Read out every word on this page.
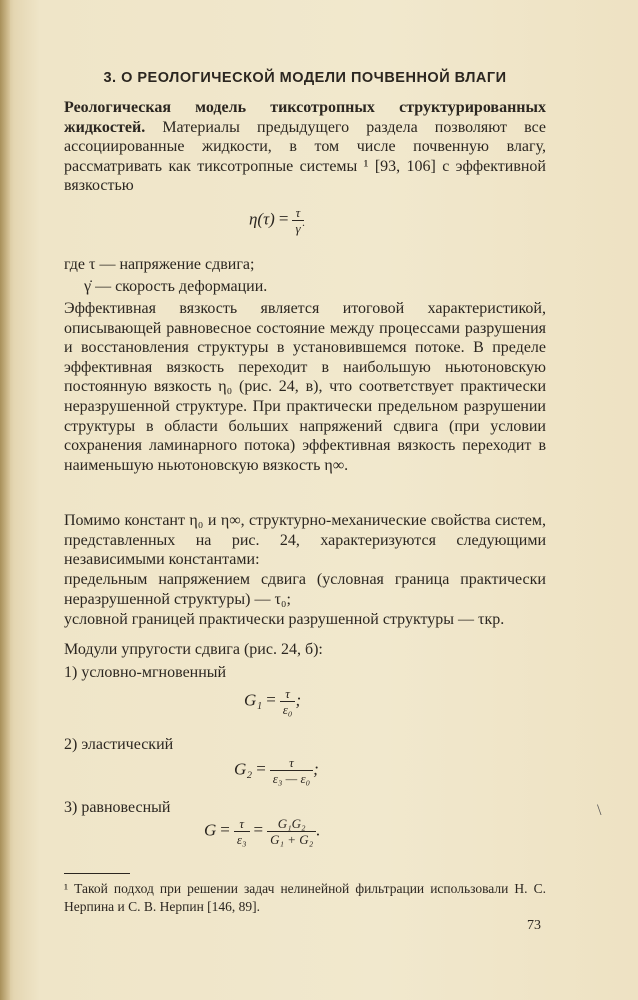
3. О РЕОЛОГИЧЕСКОЙ МОДЕЛИ ПОЧВЕННОЙ ВЛАГИ

Реологическая модель тиксотропных структурированных жидкостей. Материалы предыдущего раздела позволяют все ассоциированные жидкости, в том числе почвенную влагу, рассматривать как тиксотропные системы ¹ [93, 106] с эффективной вязкостью

$\eta(\tau) = \frac{\tau}{\gammȧ}$

где τ — напряжение сдвига;

γ̇ — скорость деформации.

Эффективная вязкость является итоговой характеристикой, описывающей равновесное состояние между процессами разрушения и восстановления структуры в установившемся потоке. В пределе эффективная вязкость переходит в наибольшую ньютоновскую постоянную вязкость η₀ (рис. 24, в), что соответствует практически неразрушенной структуре. При практически предельном разрушении структуры в области больших напряжений сдвига (при условии сохранения ламинарного потока) эффективная вязкость переходит в наименьшую ньютоновскую вязкость η∞.

Помимо констант η₀ и η∞, структурно-механические свойства систем, представленных на рис. 24, характеризуются следующими независимыми константами:

предельным напряжением сдвига (условная граница практически неразрушенной структуры) — τ₀;

условной границей практически разрушенной структуры — τкр.

Модули упругости сдвига (рис. 24, б):

1) условно-мгновенный

$G_1 = \frac{\tau}{\text{ε₀}}$ ;

2) эластический

$G_2 = \frac{\tau}{\text{ε₃ — ε₀}}$ ;

3) равновесный

$G = \frac{\tau}{\text{ε₃}} = \frac{\text{G₁G₂}}{\text{G₁ + G₂}}$ .
¹ Такой подход при решении задач нелинейной фильтрации использовали Н. С. Нерпина и С. В. Нерпин [146, 89].
73
\
